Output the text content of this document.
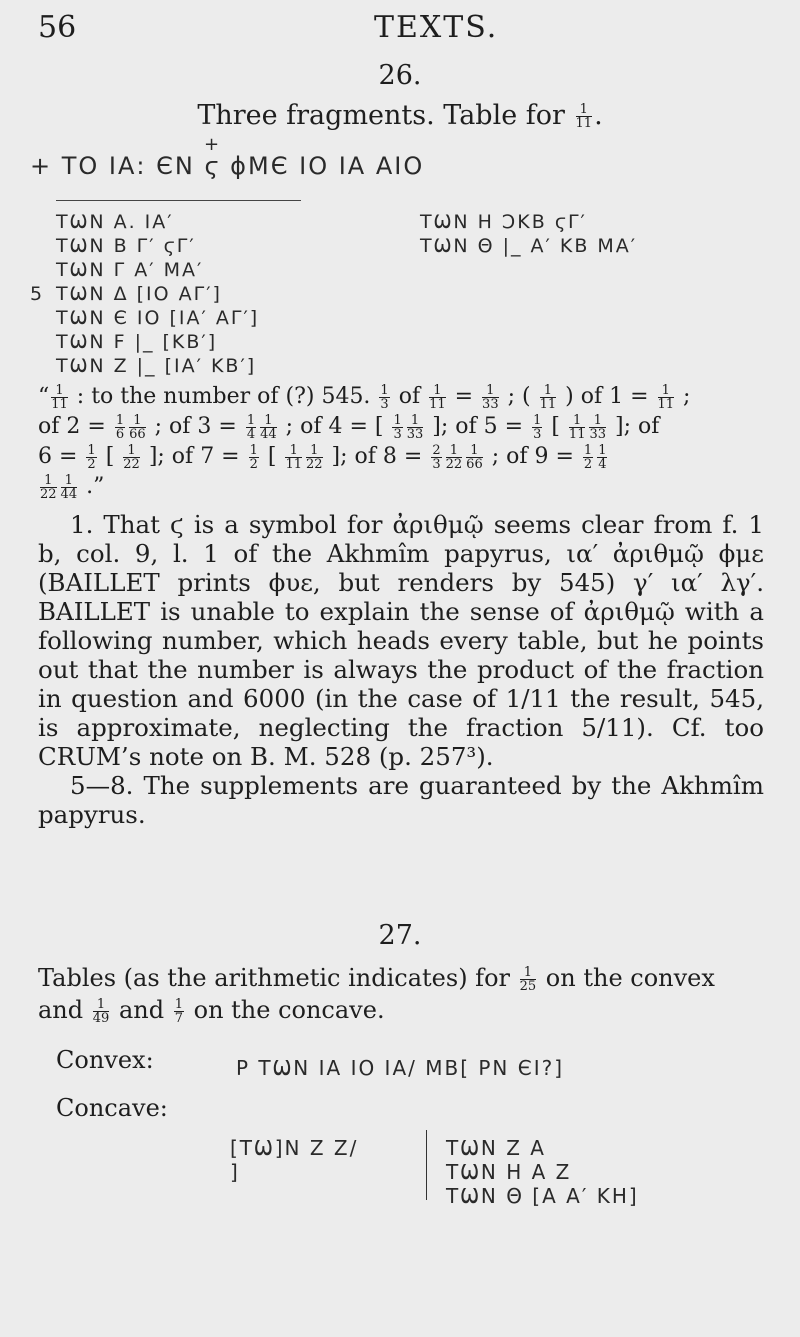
56	TEXTS.
26.
Three fragments. Table for $\frac{1}{11}$ .
+
+ TO ΙΑ: ЄΝ ϛ ϕΜЄ ΙΟ ΙΑ ΑΙΟ
ΤѠΝ Α. ΙΑ′
ΤѠΝ Β Γ′ ϛΓ′
ΤѠΝ Γ Α′ ΜΑ′
5 ΤѠΝ Δ [ΙΟ ΑΓ′]
ΤѠΝ Є ΙΟ [ΙΑ′ ΑΓ′]
ΤѠΝ Ϝ |_ [ΚΒ′]
ΤѠΝ Ζ |_ [ΙΑ′ ΚΒ′]
ΤѠΝ Η ϽΚΒ ϛΓ′
ΤѠΝ Θ |_ Α′ ΚΒ ΜΑ′
“ $\frac{1}{11}$ : to the number of (?) 545. $\frac{1}{3}$ of $\frac{1}{11} = \frac{1}{33}$ ; ( $\frac{1}{11}$ ) of $1 = \frac{1}{11}$ ;
of $2 = \frac{1}{6} \frac{1}{66}$ ; of $3 = \frac{1}{4} \frac{1}{44}$ ; of 4 = [ $\frac{1}{3} \frac{1}{33}$ ]; of $5 = \frac{1}{3}$ [ $\frac{1}{11} \frac{1}{33}$ ]; of
$6 = \frac{1}{2}$ [ $\frac{1}{22}$ ]; of $7 = \frac{1}{2}$ [ $\frac{1}{11} \frac{1}{22}$ ]; of $8 = \frac{2}{3} \frac{1}{22} \frac{1}{66}$ ; of $9 = \frac{1}{2} \frac{1}{4}$
$\frac{1}{22} \frac{1}{44}$ .”

1. That ϛ is a symbol for ἀριθμῷ seems clear from f. 1 b, col. 9, l. 1 of the Akhmîm papyrus, ια′ ἀριθμῷ ϕμε (BAILLET prints ϕυε, but renders by 545) γ′ ια′ λγ′. BAILLET is unable to explain the sense of ἀριθμῷ with a following number, which heads every table, but he points out that the number is always the product of the fraction in question and 6000 (in the case of 1/11 the result, 545, is approximate, neglecting the fraction 5/11). Cf. too CRUM’s note on B. M. 528 (p. 257³).

5—8. The supplements are guaranteed by the Akhmîm papyrus.

27.
Tables (as the arithmetic indicates) for $\frac{1}{25}$ on the convex
and $\frac{1}{49}$ and $\frac{1}{7}$ on the concave.
Convex:	Ρ ΤѠΝ ΙΑ ΙΟ ΙΑ/ ΜΒ[ ΡΝ ЄΙ?]
Concave:
[ΤѠ]Ν Ζ Ζ/
]
ΤѠΝ Ζ Α
ΤѠΝ Η Α Ζ
ΤѠΝ Θ [Α Α′ ΚΗ]
